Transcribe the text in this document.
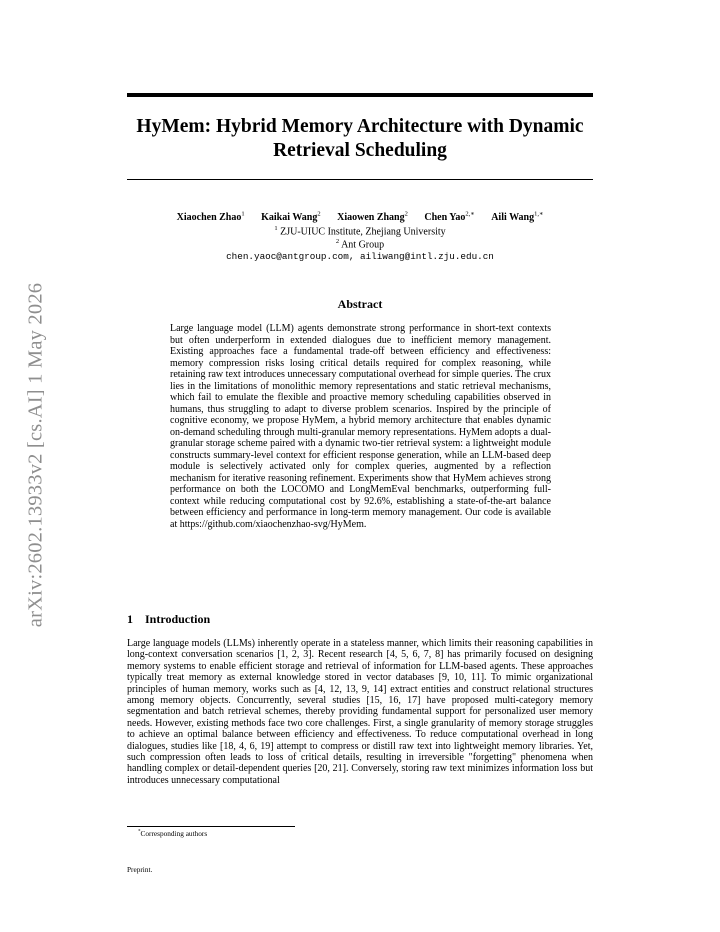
arXiv:2602.13933v2 [cs.AI] 1 May 2026
HyMem: Hybrid Memory Architecture with Dynamic
Retrieval Scheduling
Xiaochen Zhao$^1$ Kaikai Wang$^2$ Xiaowen Zhang$^2$ Chen Yao$^{2,∗}$ Aili Wang$^{1,∗}$
$^1$ ZJU-UIUC Institute, Zhejiang University
$^2$ Ant Group
chen.yaoc@antgroup.com, ailiwang@intl.zju.edu.cn
Abstract
Large language model (LLM) agents demonstrate strong performance in short-text contexts but often underperform in extended dialogues due to inefficient memory management. Existing approaches face a fundamental trade-off between efficiency and effectiveness: memory compression risks losing critical details required for complex reasoning, while retaining raw text introduces unnecessary computational overhead for simple queries. The crux lies in the limitations of monolithic memory representations and static retrieval mechanisms, which fail to emulate the flexible and proactive memory scheduling capabilities observed in humans, thus struggling to adapt to diverse problem scenarios. Inspired by the principle of cognitive economy, we propose HyMem, a hybrid memory architecture that enables dynamic on-demand scheduling through multi-granular memory representations. HyMem adopts a dual-granular storage scheme paired with a dynamic two-tier retrieval system: a lightweight module constructs summary-level context for efficient response generation, while an LLM-based deep module is selectively activated only for complex queries, augmented by a reflection mechanism for iterative reasoning refinement. Experiments show that HyMem achieves strong performance on both the LOCOMO and LongMemEval benchmarks, outperforming full-context while reducing computational cost by 92.6%, establishing a state-of-the-art balance between efficiency and performance in long-term memory management. Our code is available at https://github.com/xiaochenzhao-svg/HyMem.
1 Introduction
Large language models (LLMs) inherently operate in a stateless manner, which limits their reasoning capabilities in long-context conversation scenarios [1, 2, 3]. Recent research [4, 5, 6, 7, 8] has primarily focused on designing memory systems to enable efficient storage and retrieval of information for LLM-based agents. These approaches typically treat memory as external knowledge stored in vector databases [9, 10, 11]. To mimic organizational principles of human memory, works such as [4, 12, 13, 9, 14] extract entities and construct relational structures among memory objects. Concurrently, several studies [15, 16, 17] have proposed multi-category memory segmentation and batch retrieval schemes, thereby providing fundamental support for personalized user memory needs. However, existing methods face two core challenges. First, a single granularity of memory storage struggles to achieve an optimal balance between efficiency and effectiveness. To reduce computational overhead in long dialogues, studies like [18, 4, 6, 19] attempt to compress or distill raw text into lightweight memory libraries. Yet, such compression often leads to loss of critical details, resulting in irreversible "forgetting" phenomena when handling complex or detail-dependent queries [20, 21]. Conversely, storing raw text minimizes information loss but introduces unnecessary computational
*Corresponding authors
Preprint.
